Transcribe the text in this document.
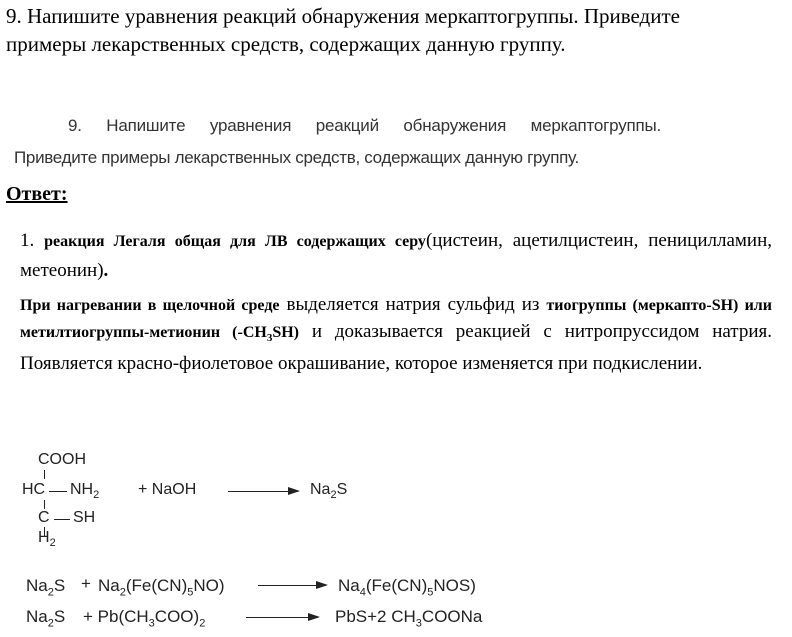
9. Напишите уравнения реакций обнаружения меркаптогруппы. Приведите
примеры лекарственных средств, содержащих данную группу.
9. Напишите уравнения реакций обнаружения меркаптогруппы.
Приведите примеры лекарственных средств, содержащих данную группу.
Ответ:
1. реакция Легаля общая для ЛВ содержащих серу(цистеин, ацетилцистеин, пеницилламин, метеонин).
При нагревании в щелочной среде выделяется натрия сульфид из тиогруппы (меркапто-SH) или метилтиогруппы-метионин $(-CH_3SH)$ и доказывается реакцией с нитропруссидом натрия. Появляется красно-фиолетовое окрашивание, которое изменяется при подкислении.
COOH
HC $NH_2$
C SH
$H_2$
+ NaOH	$Na_2S$
$Na_2S + Na_2(Fe(CN)_5NO)$	$Na_4(Fe(CN)_5NOS)$
$Na_2S + Pb(CH_3COO)_2$	PbS+2 $CH_3COONa$
